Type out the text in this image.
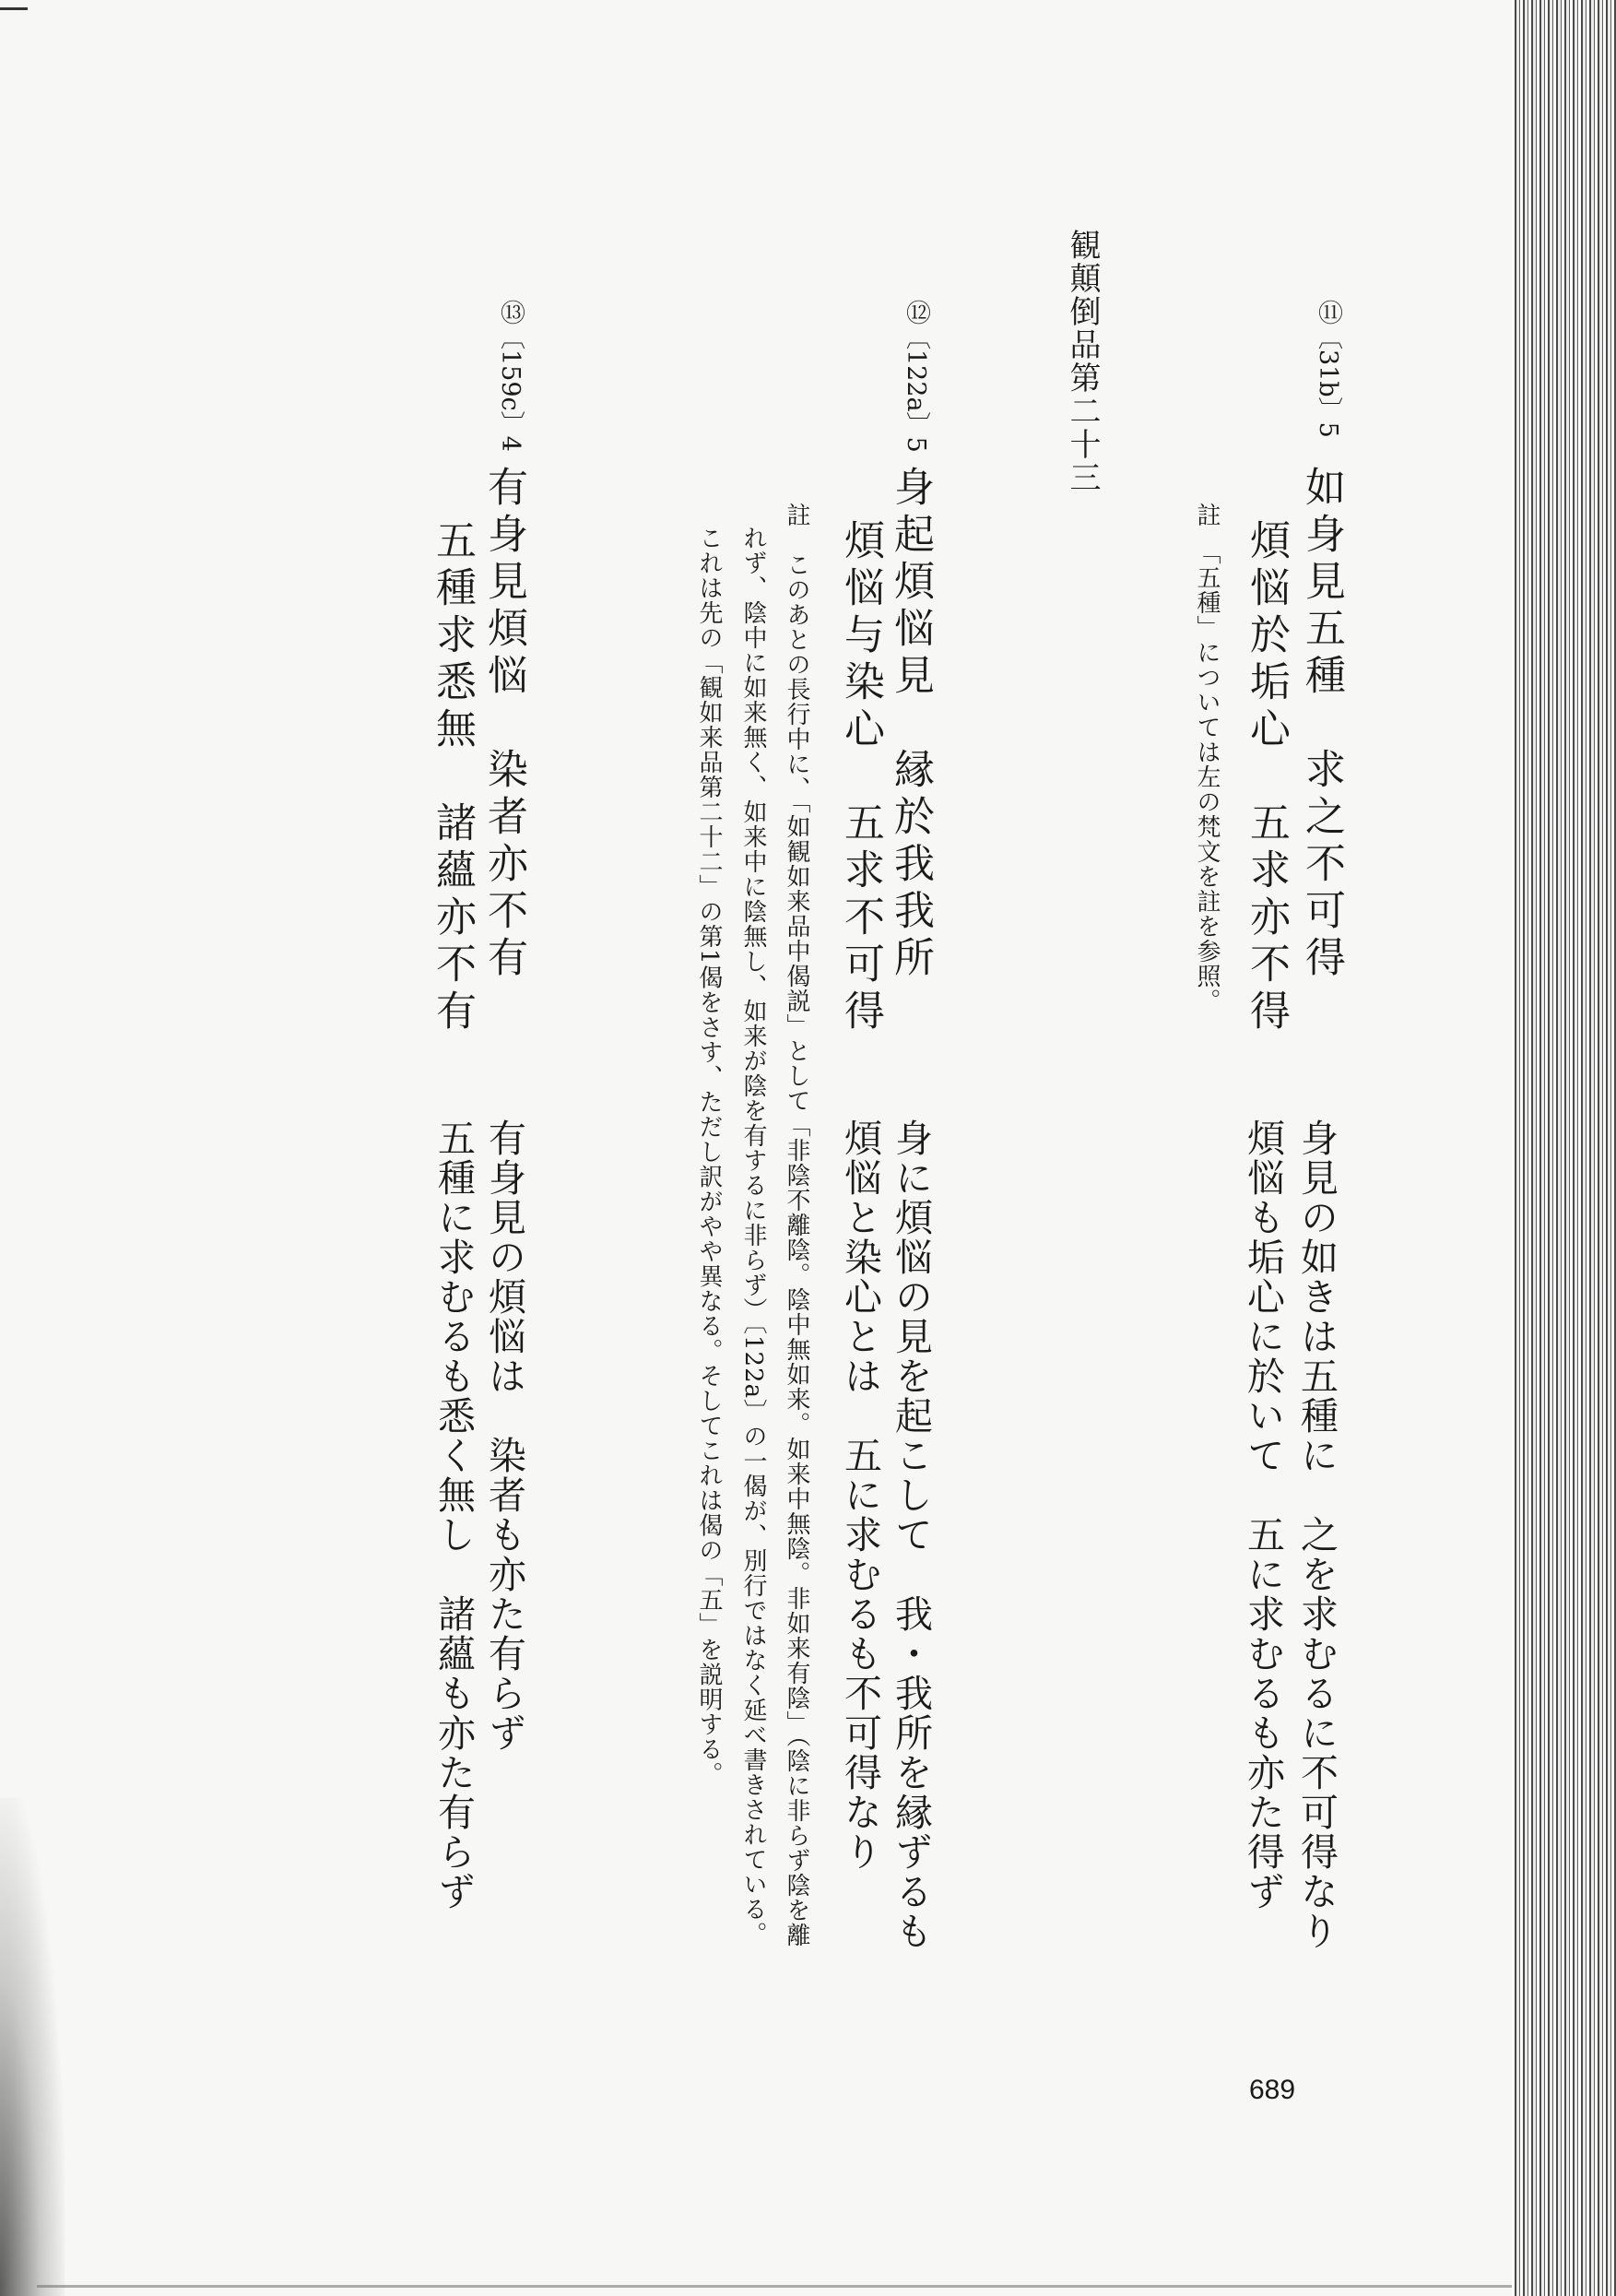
観顛倒品第二十三	⑪〔31b〕5
如身見五種　求之不可得
煩悩於垢心　五求亦不得
註　「五種」については左の梵文を註を参照。
身見の如きは五種に　之を求むるに不可得なり
煩悩も垢心に於いて　五に求むるも亦た得ず
⑫〔122a〕5
身起煩悩見　縁於我我所
煩悩与染心　五求不可得
身に煩悩の見を起こして　我・我所を縁ずるも
煩悩と染心とは　五に求むるも不可得なり
註　このあとの長行中に、「如観如来品中偈説」として「非陰不離陰。陰中無如来。如来中無陰。非如来有陰」（陰に非らず陰を離
れず、陰中に如来無く、如来中に陰無し、如来が陰を有するに非らず）〔122a〕の一偈が、別行ではなく延べ書きされている。
これは先の「観如来品第二十二」の第1偈をさす、ただし訳がやや異なる。そしてこれは偈の「五」を説明する。
⑬〔159c〕4
有身見煩悩　染者亦不有
五種求悉無　諸蘊亦不有
有身見の煩悩は　染者も亦た有らず
五種に求むるも悉く無し　諸蘊も亦た有らず
689
